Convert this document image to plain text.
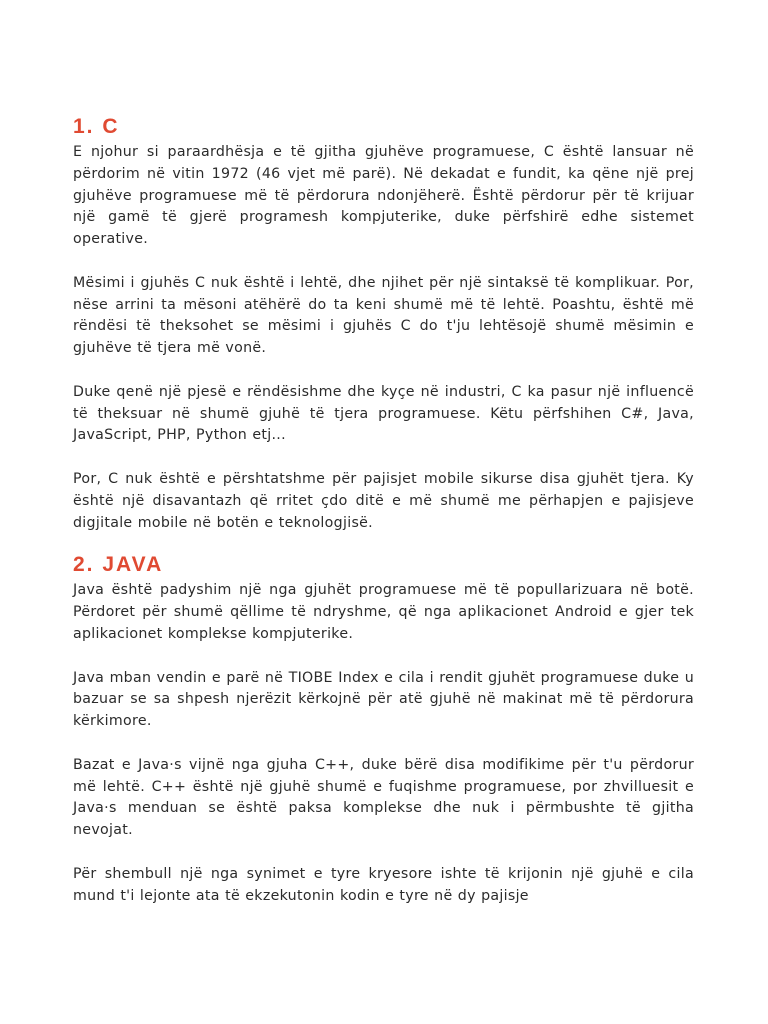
1. C

E njohur si paraardhësja e të gjitha gjuhëve programuese, C është lansuar në përdorim në vitin 1972 (46 vjet më parë). Në dekadat e fundit, ka qëne një prej gjuhëve programuese më të përdorura ndonjëherë. Është përdorur për të krijuar një gamë të gjerë programesh kompjuterike, duke përfshirë edhe sistemet operative.

Mësimi i gjuhës C nuk është i lehtë, dhe njihet për një sintaksë të komplikuar. Por, nëse arrini ta mësoni atëhërë do ta keni shumë më të lehtë. Poashtu, është më rëndësi të theksohet se mësimi i gjuhës C do t'ju lehtësojë shumë mësimin e gjuhëve të tjera më vonë.

Duke qenë një pjesë e rëndësishme dhe kyçe në industri, C ka pasur një influencë të theksuar në shumë gjuhë të tjera programuese. Këtu përfshihen C#, Java, JavaScript, PHP, Python etj...

Por, C nuk është e përshtatshme për pajisjet mobile sikurse disa gjuhët tjera. Ky është një disavantazh që rritet çdo ditë e më shumë me përhapjen e pajisjeve digjitale mobile në botën e teknologjisë.

2. JAVA

Java është padyshim një nga gjuhët programuese më të popullarizuara në botë. Përdoret për shumë qëllime të ndryshme, që nga aplikacionet Android e gjer tek aplikacionet komplekse kompjuterike.

Java mban vendin e parë në TIOBE Index e cila i rendit gjuhët programuese duke u bazuar se sa shpesh njerëzit kërkojnë për atë gjuhë në makinat më të përdorura kërkimore.

Bazat e Java·s vijnë nga gjuha C++, duke bërë disa modifikime për t'u përdorur më lehtë. C++ është një gjuhë shumë e fuqishme programuese, por zhvilluesit e Java·s menduan se është paksa komplekse dhe nuk i përmbushte të gjitha nevojat.

Për shembull një nga synimet e tyre kryesore ishte të krijonin një gjuhë e cila mund t'i lejonte ata të ekzekutonin kodin e tyre në dy pajisje
